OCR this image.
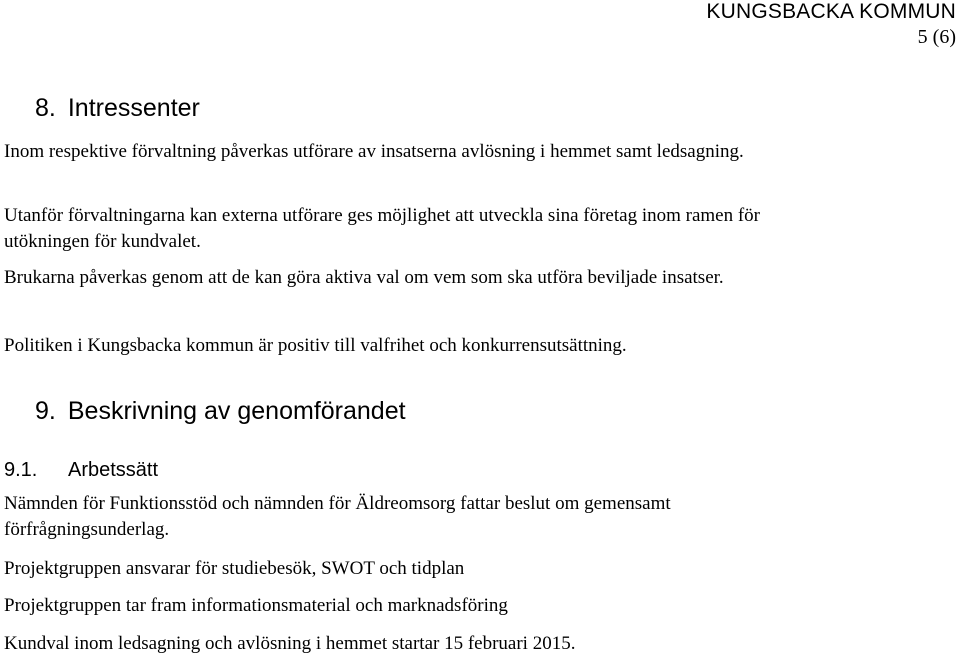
KUNGSBACKA KOMMUN
5 (6)
8. Intressenter
Inom respektive förvaltning påverkas utförare av insatserna avlösning i hemmet samt ledsagning.
Utanför förvaltningarna kan externa utförare ges möjlighet att utveckla sina företag inom ramen för utökningen för kundvalet.
Brukarna påverkas genom att de kan göra aktiva val om vem som ska utföra beviljade insatser.
Politiken i Kungsbacka kommun är positiv till valfrihet och konkurrensutsättning.
9. Beskrivning av genomförandet
9.1. Arbetssätt
Nämnden för Funktionsstöd och nämnden för Äldreomsorg fattar beslut om gemensamt förfrågningsunderlag.
Projektgruppen ansvarar för studiebesök, SWOT och tidplan
Projektgruppen tar fram informationsmaterial och marknadsföring
Kundval inom ledsagning och avlösning i hemmet startar 15 februari 2015.
